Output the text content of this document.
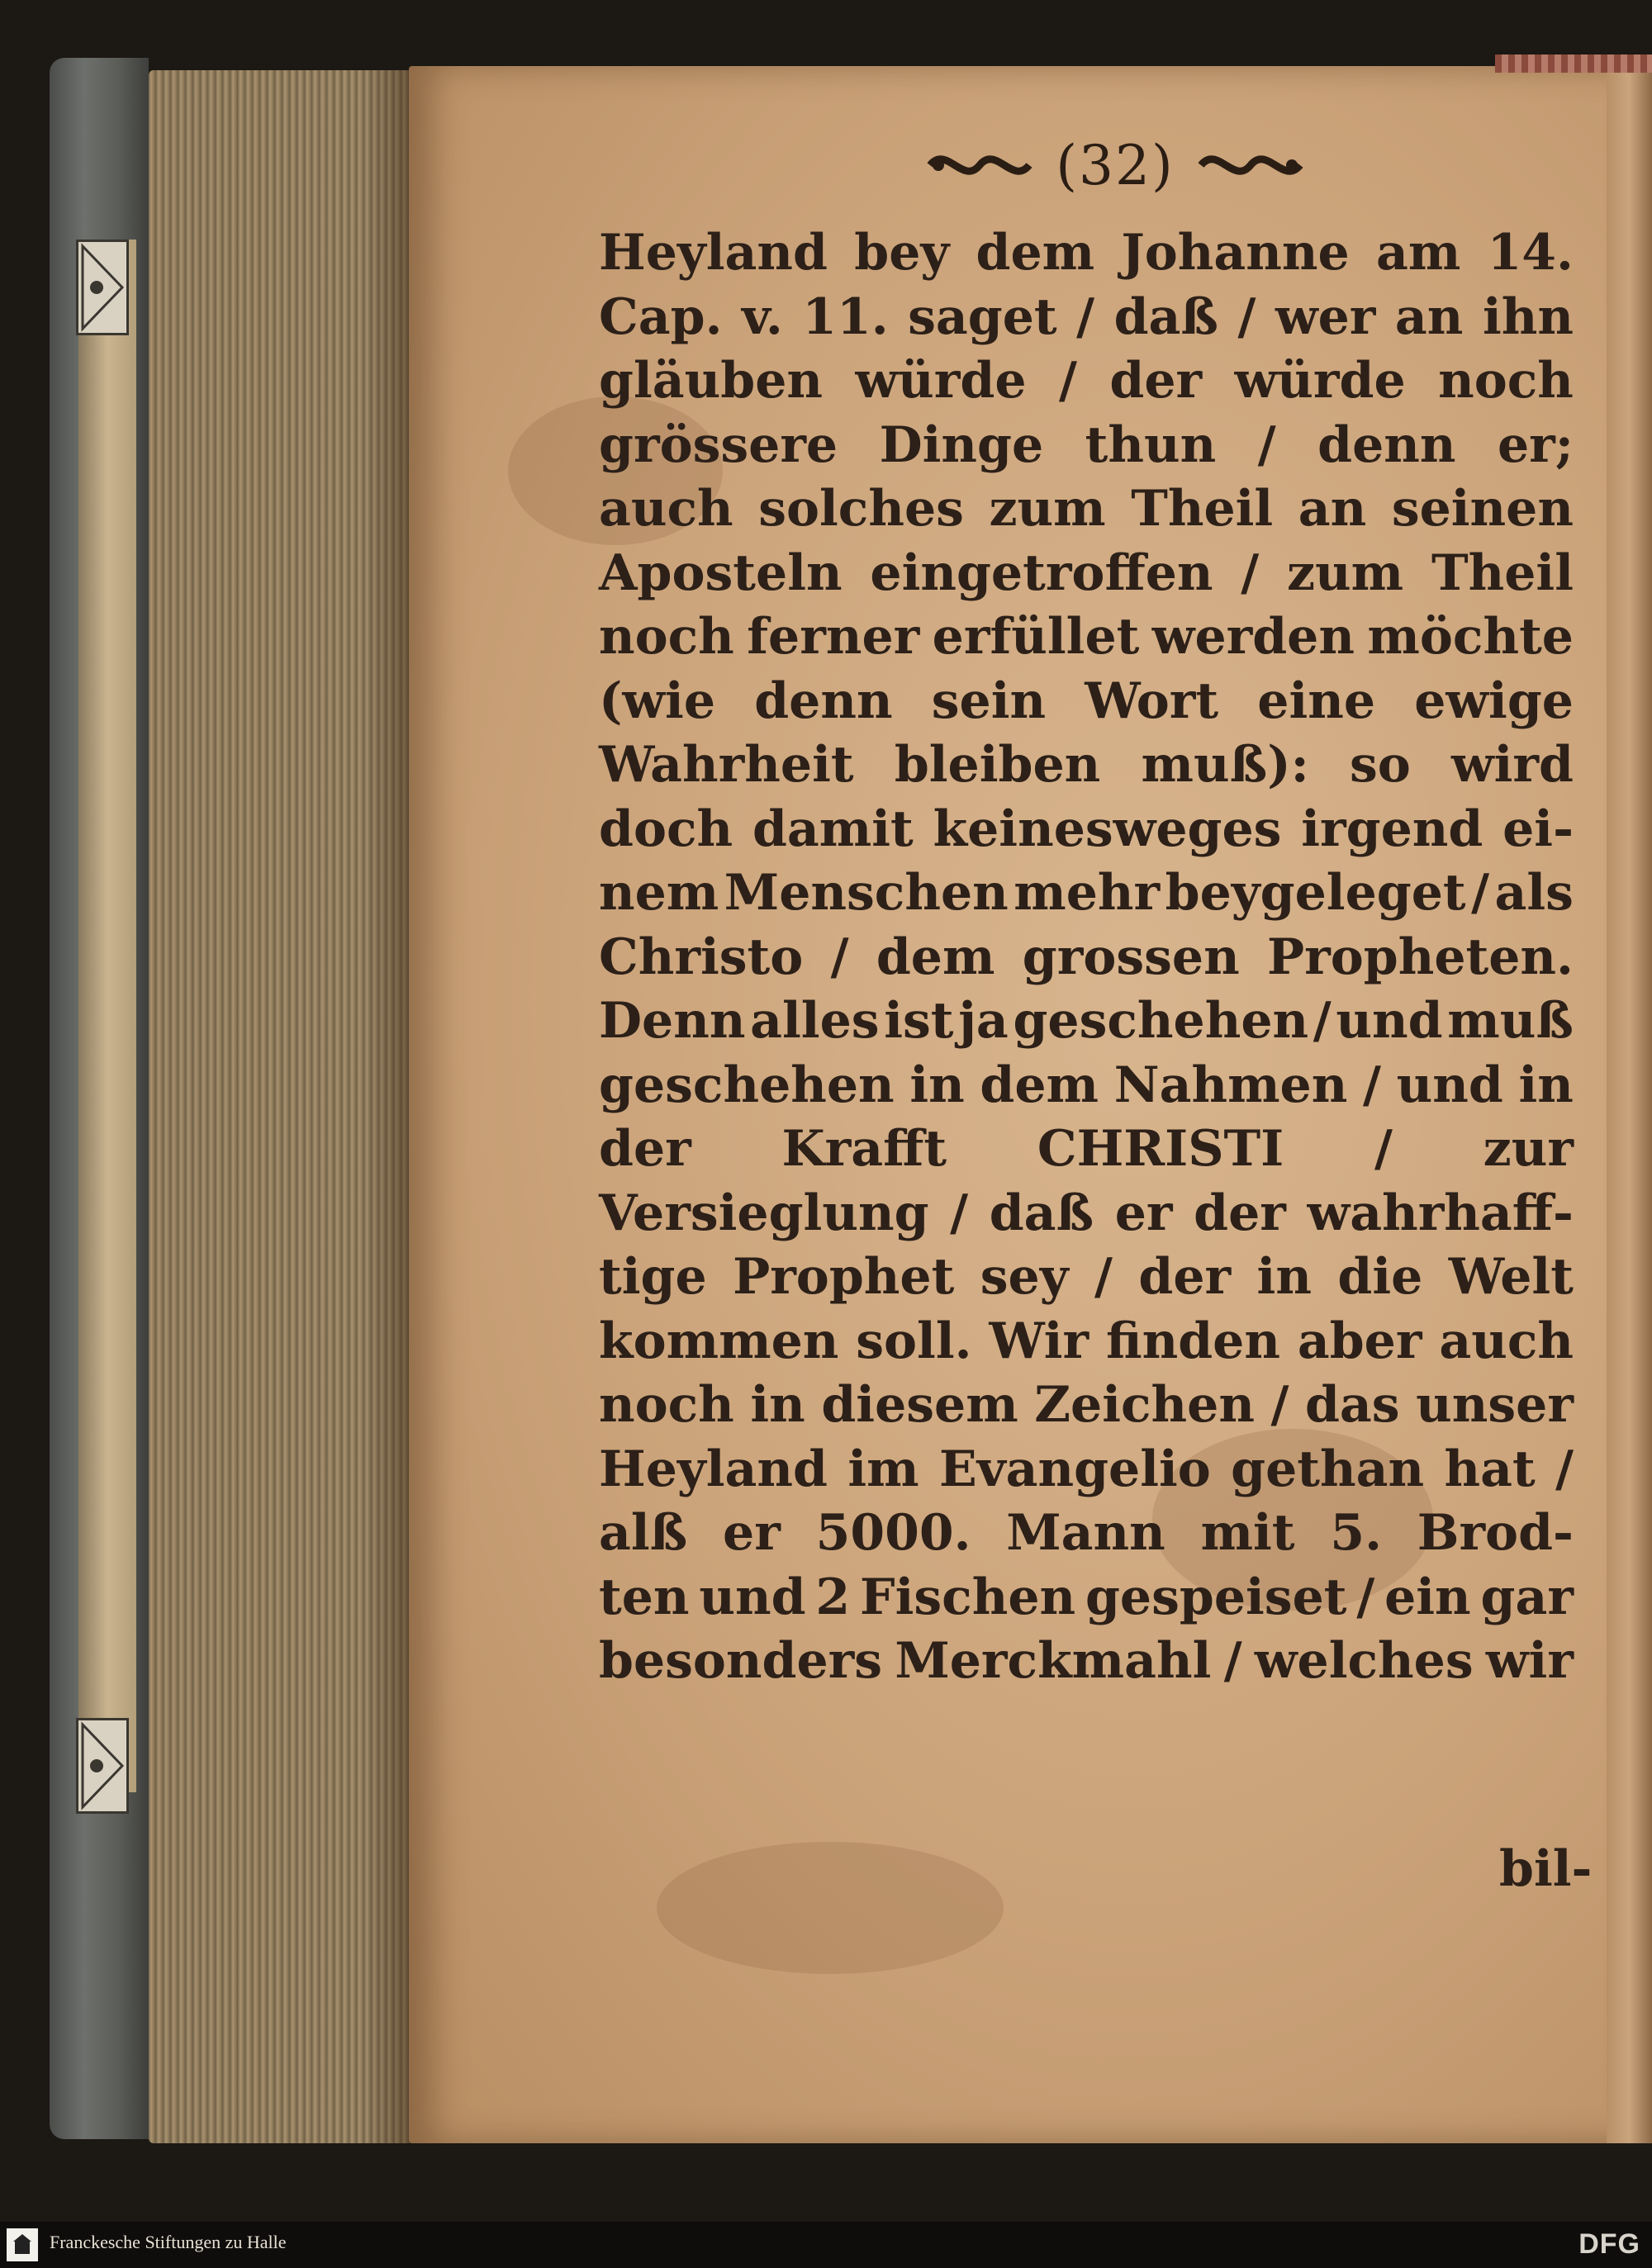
(32)
Heyland bey dem Johanne am 14.
Cap. v. 11. saget / daß / wer an ihn
gläuben würde / der würde noch
grössere Dinge thun / denn er;
auch solches zum Theil an seinen
Aposteln eingetroffen / zum Theil
noch ferner erfüllet werden möchte
(wie denn sein Wort eine ewige
Wahrheit bleiben muß): so wird
doch damit keinesweges irgend ei-
nem Menschen mehr beygeleget / als
Christo / dem grossen Propheten.
Denn alles ist ja geschehen / und muß
geschehen in dem Nahmen / und in
der Krafft CHRISTI / zur
Versieglung / daß er der wahrhaff-
tige Prophet sey / der in die Welt
kommen soll. Wir finden aber auch
noch in diesem Zeichen / das unser
Heyland im Evangelio gethan hat /
alß er 5000. Mann mit 5. Brod-
ten und 2 Fischen gespeiset / ein gar
besonders Merckmahl / welches wir
bil-
Franckesche Stiftungen zu Halle	DFG
